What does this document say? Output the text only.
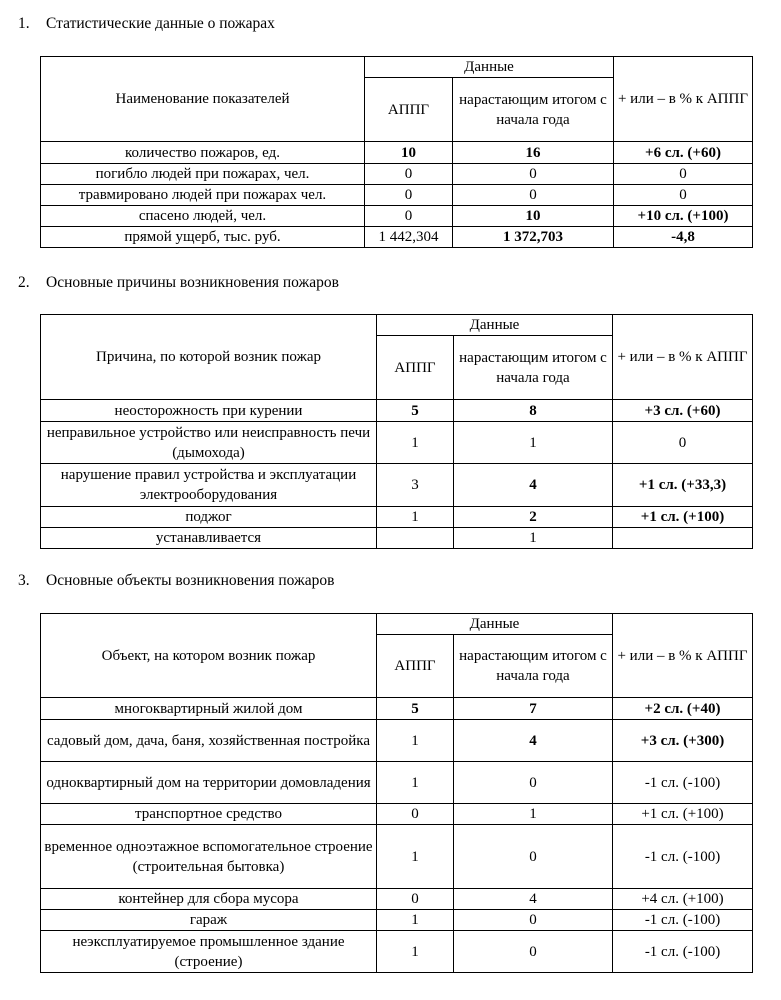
1. Статистические данные о пожарах
Наименование показателей	Данные		+ или – в % к АППГ
	АППГ	нарастающим итогом с начала года	
количество пожаров, ед.	10	16	+6 сл. (+60)
погибло людей при пожарах, чел.	0	0	0
травмировано людей при пожарах чел.	0	0	0
спасено людей, чел.	0	10	+10 сл. (+100)
прямой ущерб, тыс. руб.	1 442,304	1 372,703	-4,8
2. Основные причины возникновения пожаров
Причина, по которой возник пожар	Данные		+ или – в % к АППГ
	АППГ	нарастающим итогом с начала года	
неосторожность при курении	5	8	+3 сл. (+60)
неправильное устройство или неисправность печи (дымохода)	1	1	0
нарушение правил устройства и эксплуатации электрооборудования	3	4	+1 сл. (+33,3)
поджог	1	2	+1 сл. (+100)
устанавливается		1	
3. Основные объекты возникновения пожаров
Объект, на котором возник пожар	Данные		+ или – в % к АППГ
	АППГ	нарастающим итогом с начала года	
многоквартирный жилой дом	5	7	+2 сл. (+40)
садовый дом, дача, баня, хозяйственная постройка	1	4	+3 сл. (+300)
одноквартирный дом на территории домовладения	1	0	-1 сл. (-100)
транспортное средство	0	1	+1 сл. (+100)
временное одноэтажное вспомогательное строение (строительная бытовка)	1	0	-1 сл. (-100)
контейнер для сбора мусора	0	4	+4 сл. (+100)
гараж	1	0	-1 сл. (-100)
неэксплуатируемое промышленное здание (строение)	1	0	-1 сл. (-100)
